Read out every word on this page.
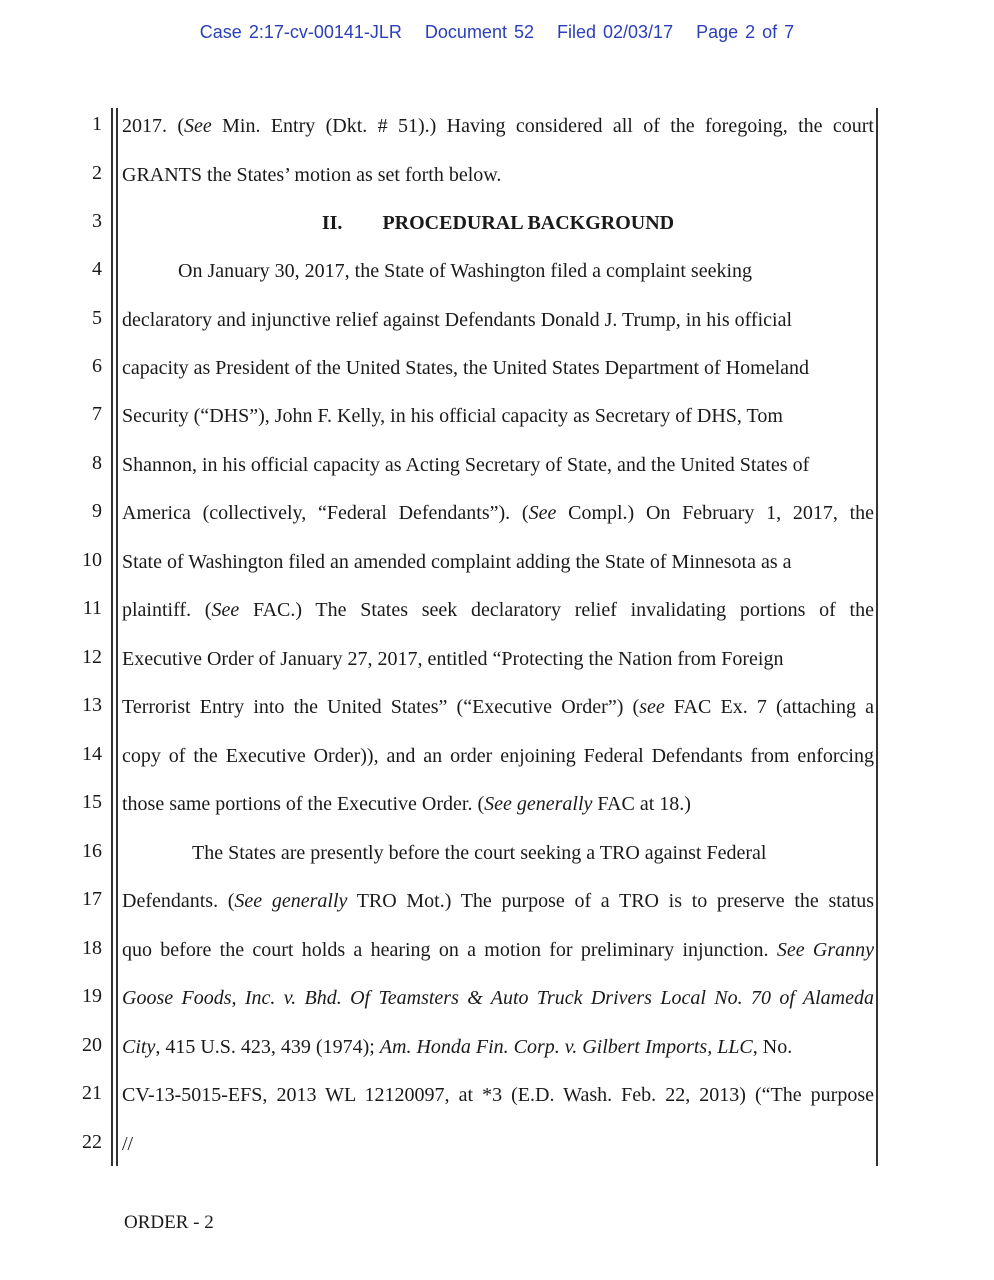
Case 2:17-cv-00141-JLR Document 52 Filed 02/03/17 Page 2 of 7
1
2
3
4
5
6
7
8
9
10
11
12
13
14
15
16
17
18
19
20
21
22
2017. (See Min. Entry (Dkt. # 51).) Having considered all of the foregoing, the court
GRANTS the States’ motion as set forth below.
II. PROCEDURAL BACKGROUND
On January 30, 2017, the State of Washington filed a complaint seeking
declaratory and injunctive relief against Defendants Donald J. Trump, in his official
capacity as President of the United States, the United States Department of Homeland
Security (“DHS”), John F. Kelly, in his official capacity as Secretary of DHS, Tom
Shannon, in his official capacity as Acting Secretary of State, and the United States of
America (collectively, “Federal Defendants”). (See Compl.) On February 1, 2017, the
State of Washington filed an amended complaint adding the State of Minnesota as a
plaintiff. (See FAC.) The States seek declaratory relief invalidating portions of the
Executive Order of January 27, 2017, entitled “Protecting the Nation from Foreign
Terrorist Entry into the United States” (“Executive Order”) (see FAC Ex. 7 (attaching a
copy of the Executive Order)), and an order enjoining Federal Defendants from enforcing
those same portions of the Executive Order. (See generally FAC at 18.)
The States are presently before the court seeking a TRO against Federal
Defendants. (See generally TRO Mot.) The purpose of a TRO is to preserve the status
quo before the court holds a hearing on a motion for preliminary injunction. See Granny
Goose Foods, Inc. v. Bhd. Of Teamsters & Auto Truck Drivers Local No. 70 of Alameda
City, 415 U.S. 423, 439 (1974); Am. Honda Fin. Corp. v. Gilbert Imports, LLC, No.
CV-13-5015-EFS, 2013 WL 12120097, at *3 (E.D. Wash. Feb. 22, 2013) (“The purpose
//
ORDER - 2
